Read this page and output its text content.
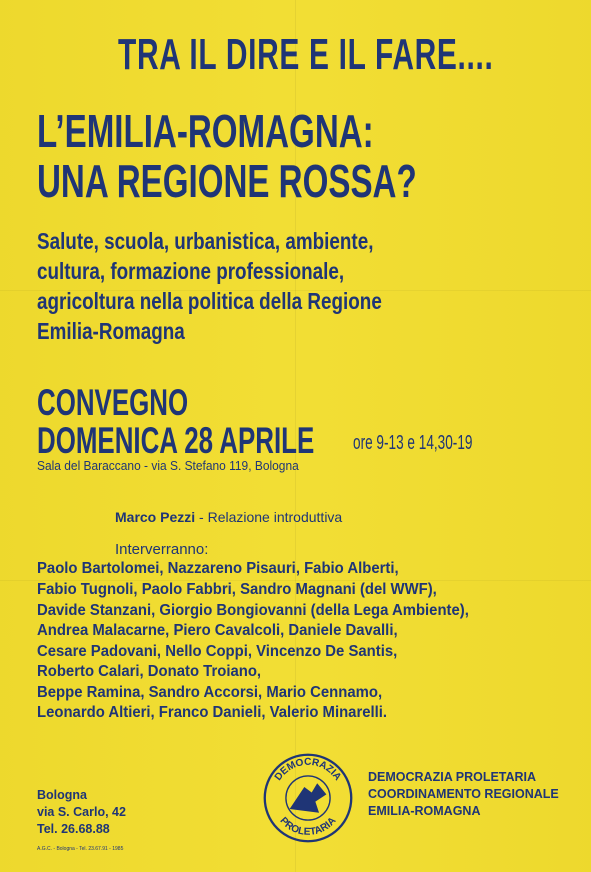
TRA IL DIRE E IL FARE....
L’EMILIA-ROMAGNA:
UNA REGIONE ROSSA?
Salute, scuola, urbanistica, ambiente,
cultura, formazione professionale,
agricoltura nella politica della Regione
Emilia-Romagna
CONVEGNO
DOMENICA 28 APRILE ore 9-13 e 14,30-19
Sala del Baraccano - via S. Stefano 119, Bologna
Marco Pezzi - Relazione introduttiva
Interverranno:
Paolo Bartolomei, Nazzareno Pisauri, Fabio Alberti,
Fabio Tugnoli, Paolo Fabbri, Sandro Magnani (del WWF),
Davide Stanzani, Giorgio Bongiovanni (della Lega Ambiente),
Andrea Malacarne, Piero Cavalcoli, Daniele Davalli,
Cesare Padovani, Nello Coppi, Vincenzo De Santis,
Roberto Calari, Donato Troiano,
Beppe Ramina, Sandro Accorsi, Mario Cennamo,
Leonardo Altieri, Franco Danieli, Valerio Minarelli.
DEMOCRAZIA
PROLETARIA
DEMOCRAZIA PROLETARIA
COORDINAMENTO REGIONALE
EMILIA-ROMAGNA
Bologna
via S. Carlo, 42
Tel. 26.68.88
A.G.C. - Bologna - Tel. 23.67.91 - 1985
